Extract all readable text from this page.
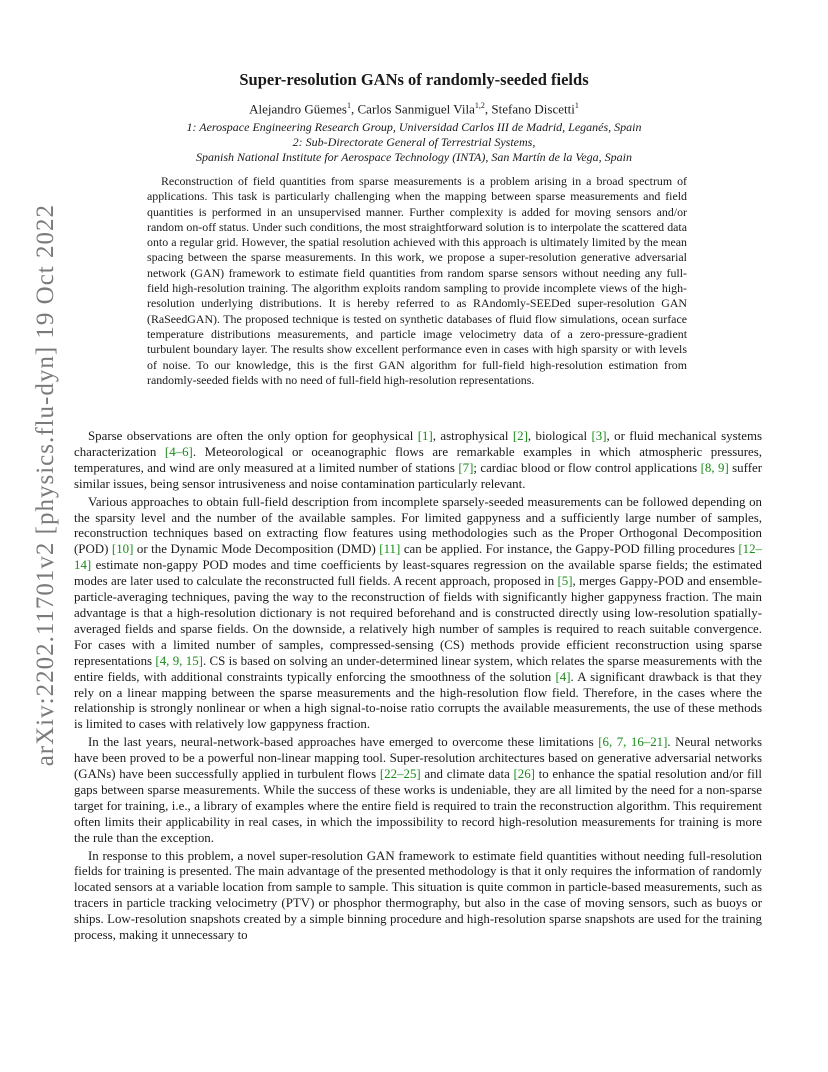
arXiv:2202.11701v2 [physics.flu-dyn] 19 Oct 2022
Super-resolution GANs of randomly-seeded fields
Alejandro Güemes$^1$, Carlos Sanmiguel Vila$^{1,2}$, Stefano Discetti$^1$
1: Aerospace Engineering Research Group, Universidad Carlos III de Madrid, Leganés, Spain
2: Sub-Directorate General of Terrestrial Systems,
Spanish National Institute for Aerospace Technology (INTA), San Martín de la Vega, Spain
Reconstruction of field quantities from sparse measurements is a problem arising in a broad spectrum of applications. This task is particularly challenging when the mapping between sparse measurements and field quantities is performed in an unsupervised manner. Further complexity is added for moving sensors and/or random on-off status. Under such conditions, the most straightforward solution is to interpolate the scattered data onto a regular grid. However, the spatial resolution achieved with this approach is ultimately limited by the mean spacing between the sparse measurements. In this work, we propose a super-resolution generative adversarial network (GAN) framework to estimate field quantities from random sparse sensors without needing any full-field high-resolution training. The algorithm exploits random sampling to provide incomplete views of the high-resolution underlying distributions. It is hereby referred to as RAndomly-SEEDed super-resolution GAN (RaSeedGAN). The proposed technique is tested on synthetic databases of fluid flow simulations, ocean surface temperature distributions measurements, and particle image velocimetry data of a zero-pressure-gradient turbulent boundary layer. The results show excellent performance even in cases with high sparsity or with levels of noise. To our knowledge, this is the first GAN algorithm for full-field high-resolution estimation from randomly-seeded fields with no need of full-field high-resolution representations.

Sparse observations are often the only option for geophysical [1], astrophysical [2], biological [3], or fluid mechanical systems characterization [4–6]. Meteorological or oceanographic flows are remarkable examples in which atmospheric pressures, temperatures, and wind are only measured at a limited number of stations [7]; cardiac blood or flow control applications [8, 9] suffer similar issues, being sensor intrusiveness and noise contamination particularly relevant.

Various approaches to obtain full-field description from incomplete sparsely-seeded measurements can be followed depending on the sparsity level and the number of the available samples. For limited gappyness and a sufficiently large number of samples, reconstruction techniques based on extracting flow features using methodologies such as the Proper Orthogonal Decomposition (POD) [10] or the Dynamic Mode Decomposition (DMD) [11] can be applied. For instance, the Gappy-POD filling procedures [12–14] estimate non-gappy POD modes and time coefficients by least-squares regression on the available sparse fields; the estimated modes are later used to calculate the reconstructed full fields. A recent approach, proposed in [5], merges Gappy-POD and ensemble-particle-averaging techniques, paving the way to the reconstruction of fields with significantly higher gappyness fraction. The main advantage is that a high-resolution dictionary is not required beforehand and is constructed directly using low-resolution spatially-averaged fields and sparse fields. On the downside, a relatively high number of samples is required to reach suitable convergence. For cases with a limited number of samples, compressed-sensing (CS) methods provide efficient reconstruction using sparse representations [4, 9, 15]. CS is based on solving an under-determined linear system, which relates the sparse measurements with the entire fields, with additional constraints typically enforcing the smoothness of the solution [4]. A significant drawback is that they rely on a linear mapping between the sparse measurements and the high-resolution flow field. Therefore, in the cases where the relationship is strongly nonlinear or when a high signal-to-noise ratio corrupts the available measurements, the use of these methods is limited to cases with relatively low gappyness fraction.

In the last years, neural-network-based approaches have emerged to overcome these limitations [6, 7, 16–21]. Neural networks have been proved to be a powerful non-linear mapping tool. Super-resolution architectures based on generative adversarial networks (GANs) have been successfully applied in turbulent flows [22–25] and climate data [26] to enhance the spatial resolution and/or fill gaps between sparse measurements. While the success of these works is undeniable, they are all limited by the need for a non-sparse target for training, i.e., a library of examples where the entire field is required to train the reconstruction algorithm. This requirement often limits their applicability in real cases, in which the impossibility to record high-resolution measurements for training is more the rule than the exception.

In response to this problem, a novel super-resolution GAN framework to estimate field quantities without needing full-resolution fields for training is presented. The main advantage of the presented methodology is that it only requires the information of randomly located sensors at a variable location from sample to sample. This situation is quite common in particle-based measurements, such as tracers in particle tracking velocimetry (PTV) or phosphor thermography, but also in the case of moving sensors, such as buoys or ships. Low-resolution snapshots created by a simple binning procedure and high-resolution sparse snapshots are used for the training process, making it unnecessary to
